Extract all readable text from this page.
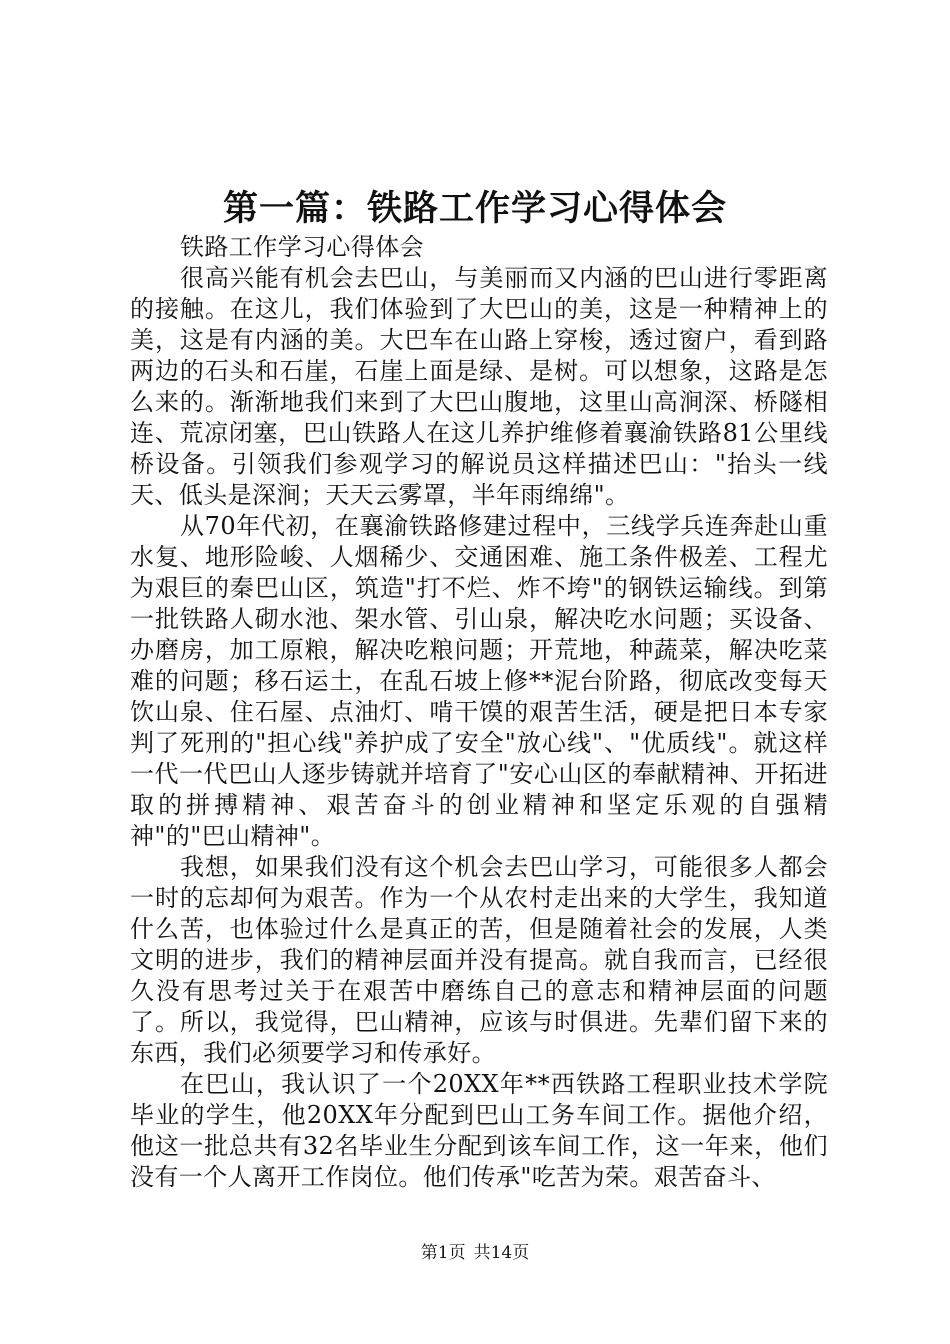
第一篇：铁路工作学习心得体会

铁路工作学习心得体会

很高兴能有机会去巴山，与美丽而又内涵的巴山进行零距离的接触。在这儿，我们体验到了大巴山的美，这是一种精神上的美，这是有内涵的美。大巴车在山路上穿梭，透过窗户，看到路两边的石头和石崖，石崖上面是绿、是树。可以想象，这路是怎么来的。渐渐地我们来到了大巴山腹地，这里山高涧深、桥隧相连、荒凉闭塞，巴山铁路人在这儿养护维修着襄渝铁路81公里线桥设备。引领我们参观学习的解说员这样描述巴山："抬头一线天、低头是深涧；天天云雾罩，半年雨绵绵"。

从70年代初，在襄渝铁路修建过程中，三线学兵连奔赴山重水复、地形险峻、人烟稀少、交通困难、施工条件极差、工程尤为艰巨的秦巴山区，筑造"打不烂、炸不垮"的钢铁运输线。到第一批铁路人砌水池、架水管、引山泉，解决吃水问题；买设备、办磨房，加工原粮，解决吃粮问题；开荒地，种蔬菜，解决吃菜难的问题；移石运土，在乱石坡上修**泥台阶路，彻底改变每天饮山泉、住石屋、点油灯、啃干馍的艰苦生活，硬是把日本专家判了死刑的"担心线"养护成了安全"放心线"、"优质线"。就这样一代一代巴山人逐步铸就并培育了"安心山区的奉献精神、开拓进取的拼搏精神、艰苦奋斗的创业精神和坚定乐观的自强精神"的"巴山精神"。

我想，如果我们没有这个机会去巴山学习，可能很多人都会一时的忘却何为艰苦。作为一个从农村走出来的大学生，我知道什么苦，也体验过什么是真正的苦，但是随着社会的发展，人类文明的进步，我们的精神层面并没有提高。就自我而言，已经很久没有思考过关于在艰苦中磨练自己的意志和精神层面的问题了。所以，我觉得，巴山精神，应该与时俱进。先辈们留下来的东西，我们必须要学习和传承好。

在巴山，我认识了一个20XX年**西铁路工程职业技术学院毕业的学生，他20XX年分配到巴山工务车间工作。据他介绍，他这一批总共有32名毕业生分配到该车间工作，这一年来，他们没有一个人离开工作岗位。他们传承"吃苦为荣。艰苦奋斗、

第1页 共14页
